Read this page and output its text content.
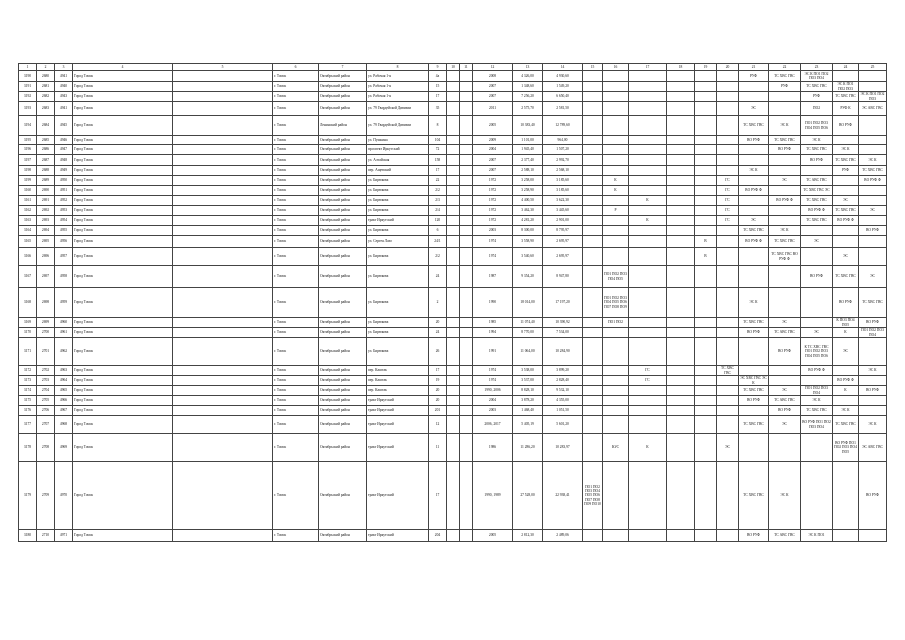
1	2	3	4	5	6	7	8	9	10	11	12	13	14	15	16	17	18	19	20	21	22	23	24	25
3190	2680	4941	Город Томск		г. Томск	Октябрьский район	ул. Рабочая 1-я	4а			2008	4 326,00	4 930,60							РУФ	ТС ХВС ГВС	ЭС К ПО1 ПО2 ПО3 ПО4		
3191	2681	4940	Город Томск		г. Томск	Октябрьский район	ул. Рабочая 1-я	15			2007	1 348,60	1 549,20								РУФ	ТС ХВС ГВС	ЭС К ПО1 ПО2 ПО3	
3192	2682	4943	Город Томск		г. Томск	Октябрьский район	ул. Рабочая 1-я	17			2007	7 256,20	6 650,40									РУФ	ТС ХВС ГВС	ЭС К ПО1 ПО2 ПО3
3193	2683	4941	Город Томск		г. Томск	Октябрьский район	ул. 79 Гвардейской Дивизии	35			2011	2 575,70	2 581,50							ЭС		ПО2	РУФ К	ЭС АВС ГВС
3194	2684	4945	Город Томск		г. Томск	Ленинский район	ул. 79 Гвардейской Дивизии	8			2005	10 383,40	12 789,60							ТС ХВС ГВС	ЭС К	ПО1 ПО2 ПО3 ПО4 ПО5 ПО6	ВО РУФ	
3195	2685	4946	Город Томск		г. Томск	Октябрьский район	ул. Пушкина	104			2009	1 101,00	964,00							ВО РУФ	ТС ХВС ГВС	ЭС К		
3196	2686	4947	Город Томск		г. Томск	Октябрьский район	проспект Иркутский	72			2004	1 945,40	1 507,20								ВО РУФ	ТС ХВС ГВС	ЭС К	
3197	2687	4948	Город Томск		г. Томск	Октябрьский район	ул. Алтайская	158			2007	2 377,40	2 992,70									ВО РУФ	ТС ХВС ГВС	ЭС К
3198	2688	4949	Город Томск		г. Томск	Октябрьский район	пер. Ащевский	17			2007	2 588,10	2 568,10							ЭС К			РУФ	ТС ХВС ГВС
3199	2689	4950	Город Томск		г. Томск	Октябрьский район	ул. Бирюкова	22			1972	3 258,00	3 185,60		К				ГС		ЭС	ТС АВС ГВС		ВО РУФ Ф
3160	2690	4951	Город Томск		г. Томск	Октябрьский район	ул. Бирюкова	2/2			1972	3 258,90	3 185,60		К				ГС	ВО РУФ Ф		ТС ХВС ГВС ЭС		
3161	2691	4952	Город Томск		г. Томск	Октябрьский район	ул. Бирюкова	2/3			1972	4 400,50	3 622,30			К			ГС		ВО РУФ Ф	ТС ХВС ГВС	ЭС	
3162	2692	4953	Город Томск		г. Томск	Октябрьский район	ул. Бирюкова	2/4			1972	3 462,30	3 445,60		Р				ГС			ВО РУФ Ф	ТС ХВС ГВС	ЭС
3163	2693	4954	Город Томск		г. Томск	Октябрьский район	тракт Иркутский	120			1972	4 281,20	2 901,00			К			ГС	ЭС		ТС ХВС ГВС	ВО РУФ Ф	
3164	2694	4955	Город Томск		г. Томск	Октябрьский район	ул. Бирюкова	6			2003	8 300,00	8 795,97							ТС ХВС ГВС	ЭС К			ВО РУФ
3165	2695	4956	Город Томск		г. Томск	Октябрьский район	ул. Сергея Лазо	24/1			1974	3 558,90	2 695,97					В		ВО РУФ Ф	ТС ХВС ГВС	ЭС		
3166	2696	4957	Город Томск		г. Томск	Октябрьский район	ул. Бирюкова	2/2			1974	3 540,60	2 695,97					В			ТС ХВС ГВС ВО РУФ Ф		ЭС	
3167	2697	4958	Город Томск		г. Томск	Октябрьский район	ул. Бирюкова	24			1987	9 354,20	8 947,80		ПО1 ПО2 ПО3 ПО4 ПО5							ВО РУФ	ТС ХВС ГВС	ЭС
3168	2698	4959	Город Томск		г. Томск	Октябрьский район	ул. Бирюкова	2			1990	18 014,00	17 197,20		ПО1 ПО2 ПО3 ПО4 ПО5 ПО6 ПО7 ПО8 ПО9					ЭС К			ВО РУФ	ТС ХВС ГВС
3169	2699	4960	Город Томск		г. Томск	Октябрьский район	ул. Бирюкова	20			1985	11 074,40	10 390,92		ПО1 ПО2					ТС ХВС ГВС	ЭС		К ПО3 ПО4 ПО5	ВО РУФ
3170	2700	4961	Город Томск		г. Томск	Октябрьский район	ул. Бирюкова	24			1994	8 770,00	7 534,00							ВО РУФ	ТС АВС ГВС	ЭС	К	ПО1 ПО2 ПО3 ПО4
3171	2701	4962	Город Томск		г. Томск	Октябрьский район	ул. Бирюкова	26			1991	11 064,00	10 284,90								ВО РУФ	К ТС ХВС ГВС ПО1 ПО2 ПО3 ПО4 ПО5 ПО6	ЭС	
3172	2702	4963	Город Томск		г. Томск	Октябрьский район	пер. Каштак	17			1974	3 538,00	3 899,20			ГС			ТС ХВС ГВС			ВО РУФ Ф		ЭС К
3173	2703	4964	Город Томск		г. Томск	Октябрьский район	пер. Каштак	19			1974	3 537,00	2 828,40			ГС				ЭС ХВС ГВС ЭС К			ВО РУФ Ф	
3174	2704	4965	Город Томск		г. Томск	Октябрьский район	пер. Каштак	20			1990, 2006	8 828,10	9 532,10							ТС ХВС ГВС	ЭС	ПО1 ПО2 ПО3 ПО4	К	ВО РУФ
3175	2705	4966	Город Томск		г. Томск	Октябрьский район	тракт Иркутский	20			2004	3 878,20	4 355,00							ВО РУФ	ТС АВС ГВС	ЭС К		
3176	2706	4967	Город Томск		г. Томск	Октябрьский район	тракт Иркутский	201			2003	1 468,40	1 051,50								ВО РУФ	ТС ХВС ГВС	ЭС К	
3177	2707	4968	Город Томск		г. Томск	Октябрьский район	тракт Иркутский	12			2006, 2017	5 405,19	5 601,20							ТС ХВС ГВС	ЭС	ВО РУФ ПО1 ПО2 ПО3 ПО4	ТС ХВС ГВС	ЭС К
3178	2708	4969	Город Томск		г. Томск	Октябрьский район	тракт Иркутский	11			1986	11 286,20	10 283,97		Ю/С	К			ЭС				ВО РУФ ПО1 ПО2 ПО3 ПО4 ПО5	ЭС АВС ГВС
3179	2709	4970	Город Томск		г. Томск	Октябрьский район	тракт Иркутский	17			1990, 1989	27 528,00	22 938,41	ПО1 ПО2 ПО3 ПО4 ПО5 ПО6 ПО7 ПО8 ПО9 ПО10						ТС ХВС ГВС	ЭС К			ВО РУФ
3180	2710	4971	Город Томск		г. Томск	Октябрьский район	тракт Иркутский	204			2005	2 812,30	2 489,06							ВО РУФ	ТС АВС ГВС	ЭС К ПО1		
